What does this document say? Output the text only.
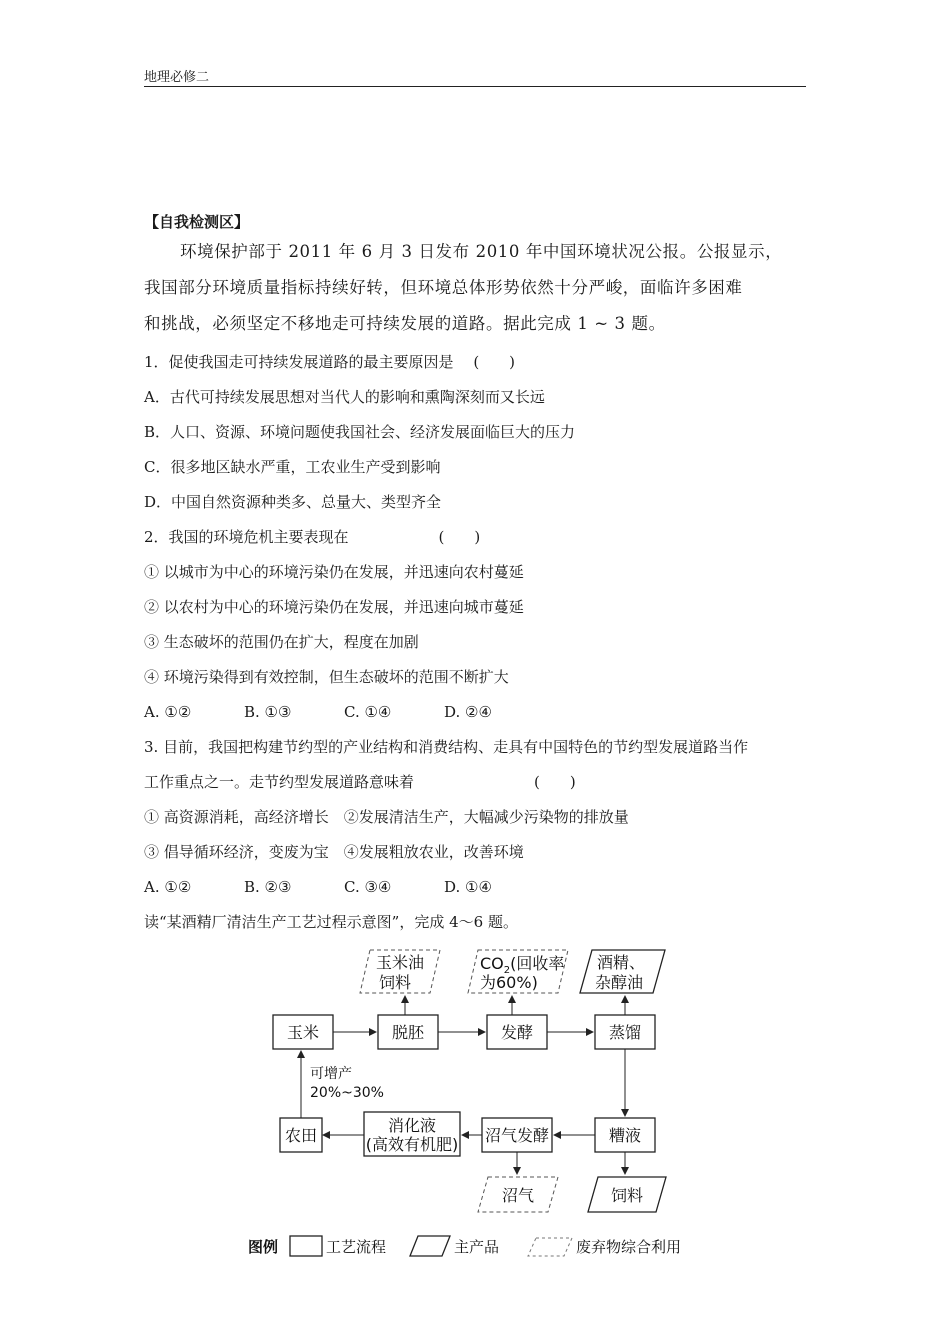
地理必修二
【自我检测区】
环境保护部于 2011 年 6 月 3 日发布 2010 年中国环境状况公报。公报显示，
我国部分环境质量指标持续好转，但环境总体形势依然十分严峻，面临许多困难
和挑战，必须坚定不移地走可持续发展的道路。据此完成 1 ~ 3 题。
1．促使我国走可持续发展道路的最主要原因是　 (　　)
A．古代可持续发展思想对当代人的影响和熏陶深刻而又长远
B．人口、资源、环境问题使我国社会、经济发展面临巨大的压力
C．很多地区缺水严重，工农业生产受到影响
D．中国自然资源种类多、总量大、类型齐全
2．我国的环境危机主要表现在　　　　　　(　　)
① 以城市为中心的环境污染仍在发展，并迅速向农村蔓延
② 以农村为中心的环境污染仍在发展，并迅速向城市蔓延
③ 生态破坏的范围仍在扩大，程度在加剧
④ 环境污染得到有效控制，但生态破坏的范围不断扩大
A. ①②	B. ①③	C. ①④	D. ②④
3. 目前，我国把构建节约型的产业结构和消费结构、走具有中国特色的节约型发展道路当作
工作重点之一。走节约型发展道路意味着　　　　　　　　(　　)
① 高资源消耗，高经济增长　②发展清洁生产，大幅减少污染物的排放量
③ 倡导循环经济，变废为宝　④发展粗放农业，改善环境
A. ①②	B. ②③	C. ③④	D. ①④
读“某酒精厂清洁生产工艺过程示意图”，完成 4～6 题。
玉米油
饲料
$CO_2$(回收率
为60%)
酒精、
杂醇油
玉米	脱胚	发酵	蒸馏
糟液
沼气发酵
消化液
(高效有机肥)
农田
可增产
20%~30%
沼气	饲料
图例	工艺流程	主产品	废弃物综合利用
